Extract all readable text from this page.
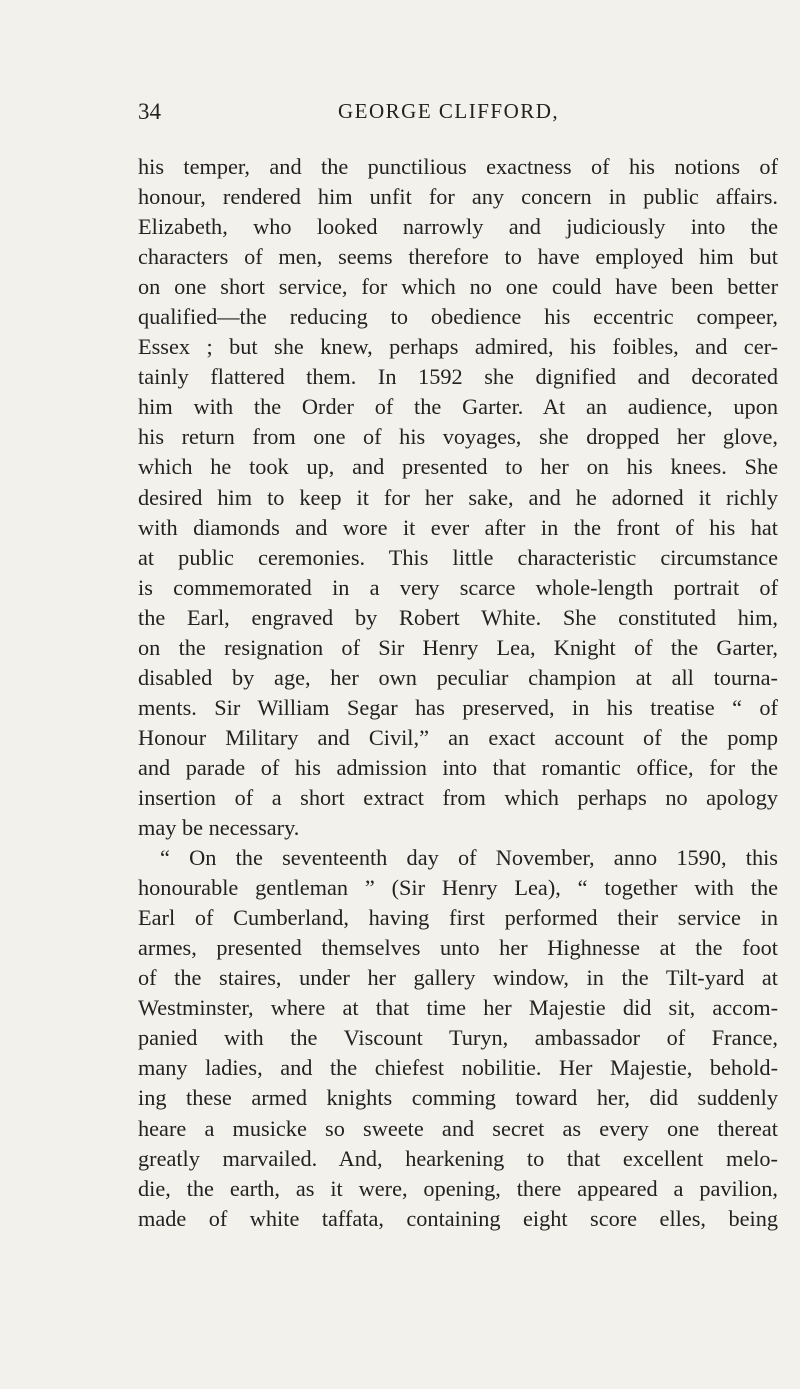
34	GEORGE CLIFFORD,
his temper, and the punctilious exactness of his notions of
honour, rendered him unfit for any concern in public affairs.
Elizabeth, who looked narrowly and judiciously into the
characters of men, seems therefore to have employed him but
on one short service, for which no one could have been better
qualified—the reducing to obedience his eccentric compeer,
Essex ; but she knew, perhaps admired, his foibles, and cer-
tainly flattered them. In 1592 she dignified and decorated
him with the Order of the Garter. At an audience, upon
his return from one of his voyages, she dropped her glove,
which he took up, and presented to her on his knees. She
desired him to keep it for her sake, and he adorned it richly
with diamonds and wore it ever after in the front of his hat
at public ceremonies. This little characteristic circumstance
is commemorated in a very scarce whole-length portrait of
the Earl, engraved by Robert White. She constituted him,
on the resignation of Sir Henry Lea, Knight of the Garter,
disabled by age, her own peculiar champion at all tourna-
ments. Sir William Segar has preserved, in his treatise “ of
Honour Military and Civil,” an exact account of the pomp
and parade of his admission into that romantic office, for the
insertion of a short extract from which perhaps no apology
may be necessary.
“ On the seventeenth day of November, anno 1590, this
honourable gentleman ” (Sir Henry Lea), “ together with the
Earl of Cumberland, having first performed their service in
armes, presented themselves unto her Highnesse at the foot
of the staires, under her gallery window, in the Tilt-yard at
Westminster, where at that time her Majestie did sit, accom-
panied with the Viscount Turyn, ambassador of France,
many ladies, and the chiefest nobilitie. Her Majestie, behold-
ing these armed knights comming toward her, did suddenly
heare a musicke so sweete and secret as every one thereat
greatly marvailed. And, hearkening to that excellent melo-
die, the earth, as it were, opening, there appeared a pavilion,
made of white taffata, containing eight score elles, being
